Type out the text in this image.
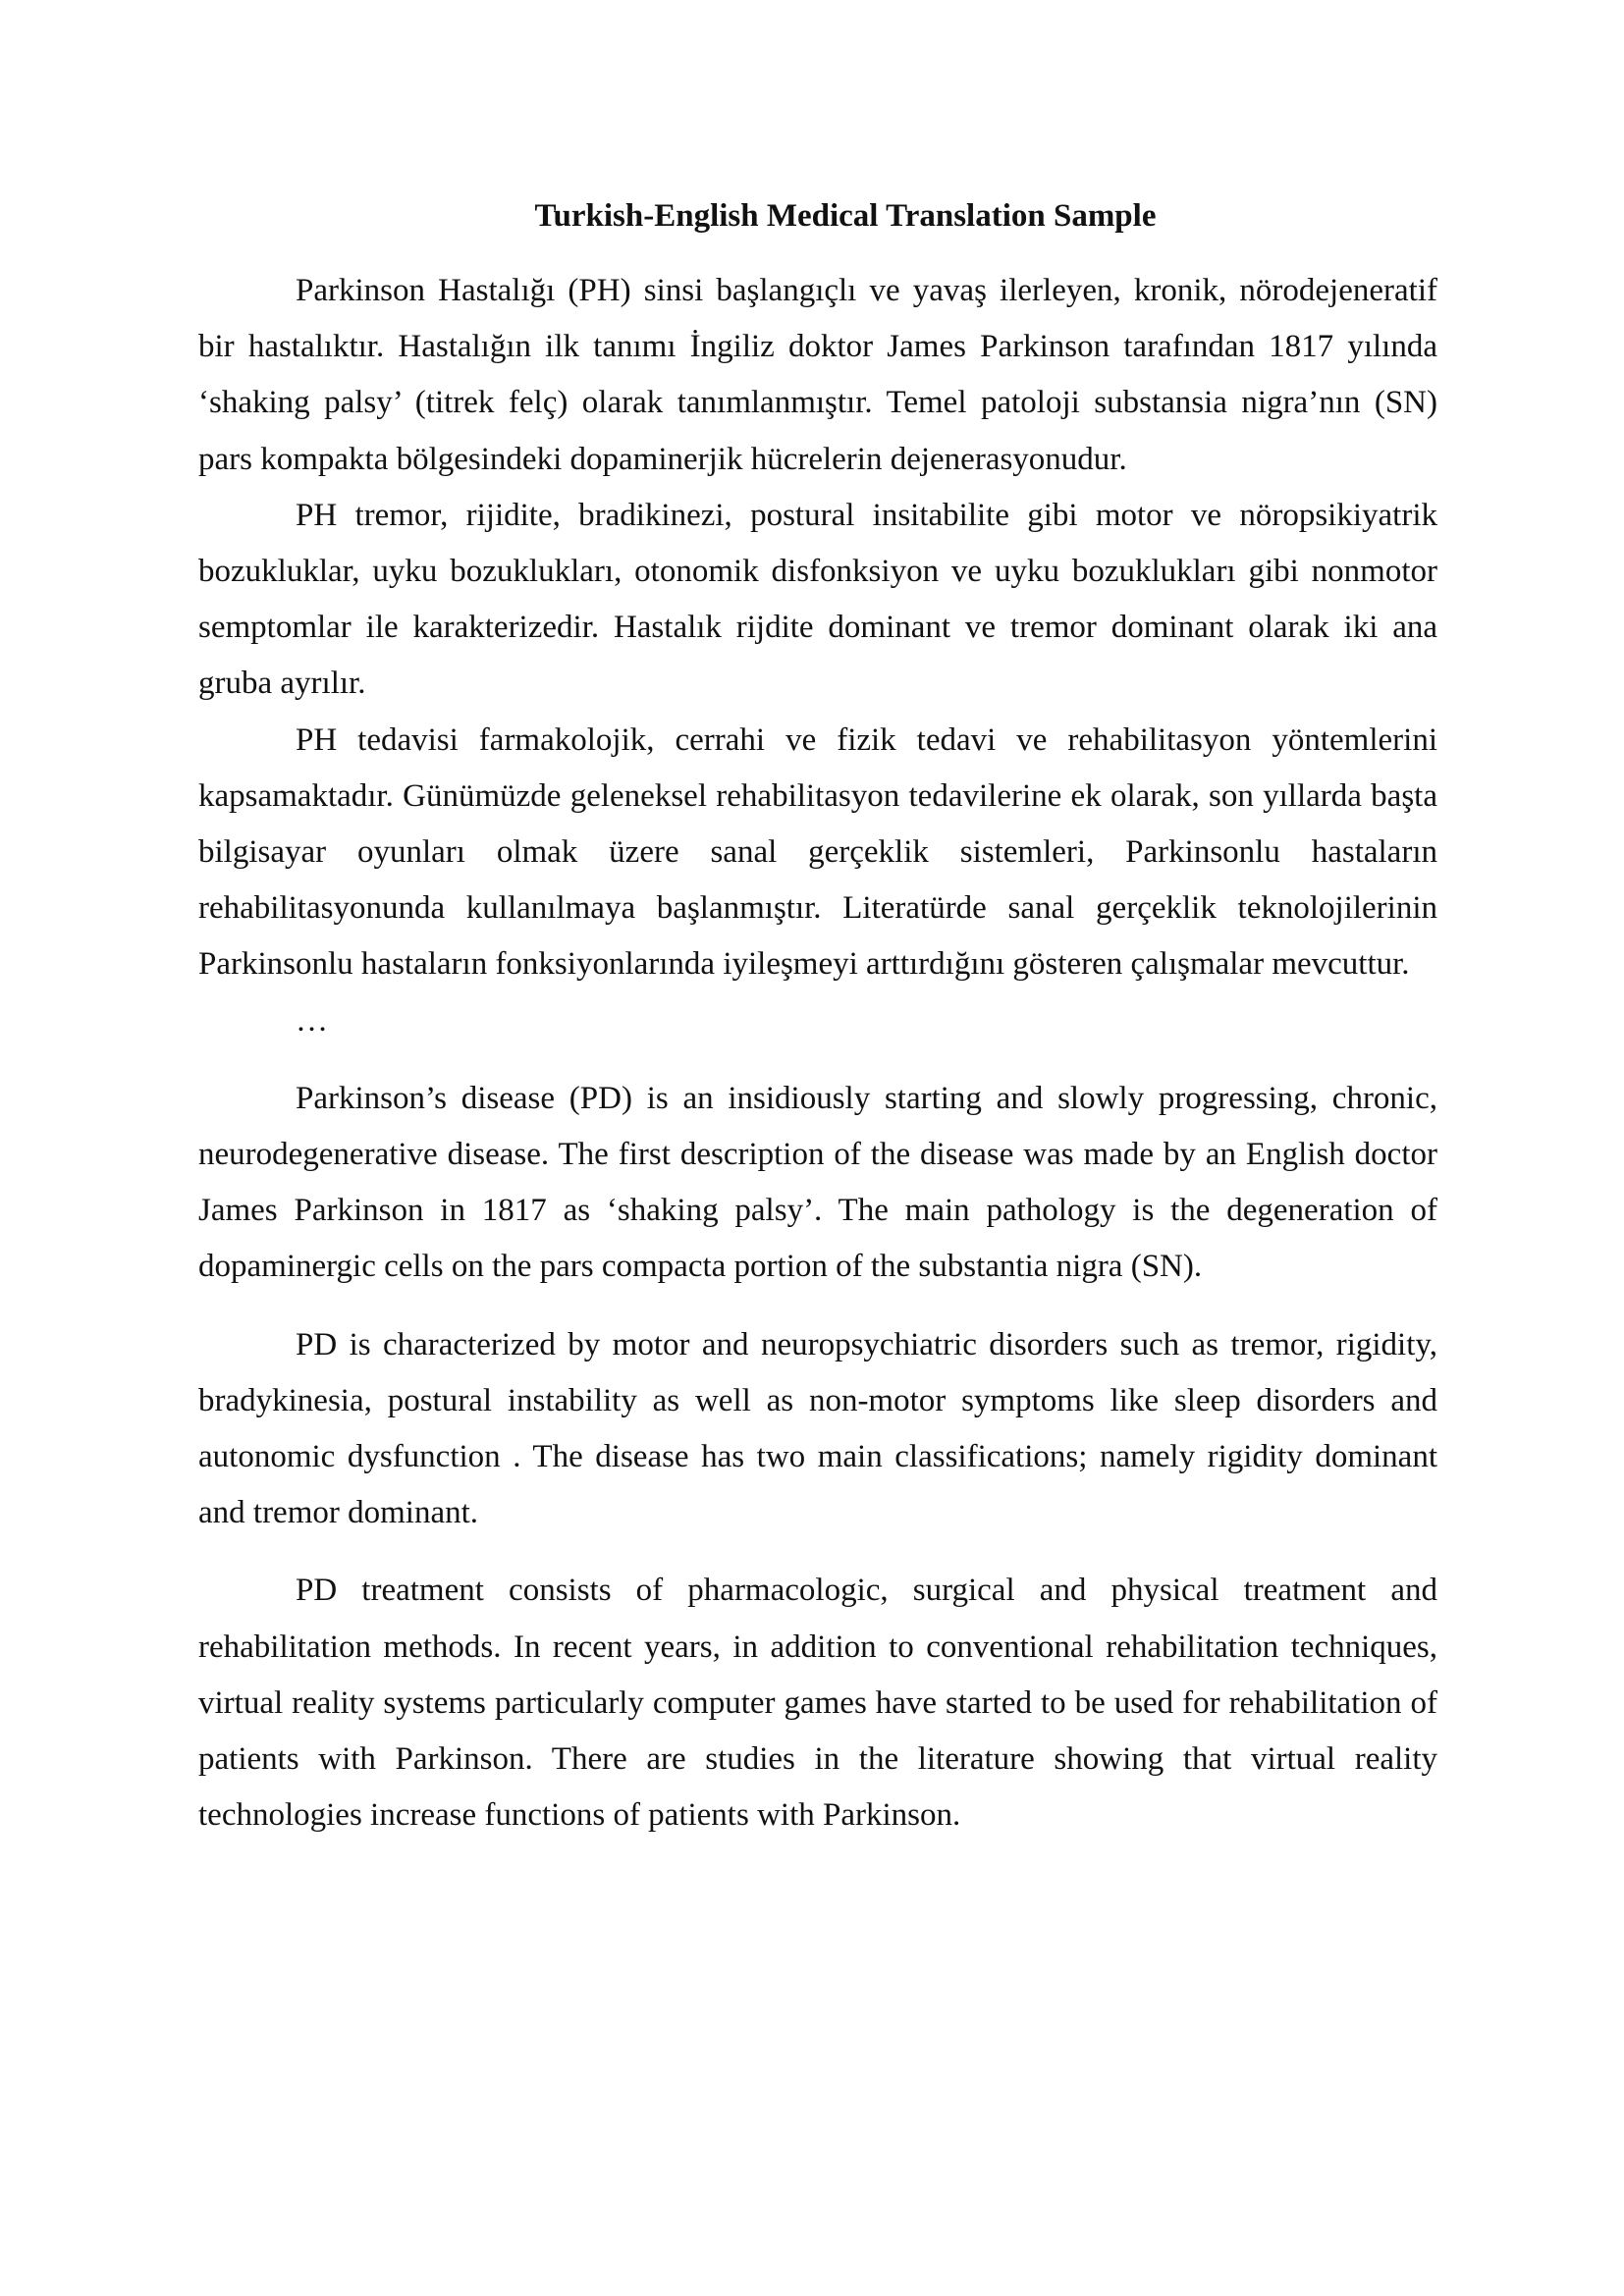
Turkish-English Medical Translation Sample

Parkinson Hastalığı (PH) sinsi başlangıçlı ve yavaş ilerleyen, kronik, nörodejeneratif bir hastalıktır. Hastalığın ilk tanımı İngiliz doktor James Parkinson tarafından 1817 yılında ‘shaking palsy’ (titrek felç) olarak tanımlanmıştır. Temel patoloji substansia nigra’nın (SN) pars kompakta bölgesindeki dopaminerjik hücrelerin dejenerasyonudur.

PH tremor, rijidite, bradikinezi, postural insitabilite gibi motor ve nöropsikiyatrik bozukluklar, uyku bozuklukları, otonomik disfonksiyon ve uyku bozuklukları gibi nonmotor semptomlar ile karakterizedir. Hastalık rijdite dominant ve tremor dominant olarak iki ana gruba ayrılır.

PH tedavisi farmakolojik, cerrahi ve fizik tedavi ve rehabilitasyon yöntemlerini kapsamaktadır. Günümüzde geleneksel rehabilitasyon tedavilerine ek olarak, son yıllarda başta bilgisayar oyunları olmak üzere sanal gerçeklik sistemleri, Parkinsonlu hastaların rehabilitasyonunda kullanılmaya başlanmıştır. Literatürde sanal gerçeklik teknolojilerinin Parkinsonlu hastaların fonksiyonlarında iyileşmeyi arttırdığını gösteren çalışmalar mevcuttur.

…

Parkinson’s disease (PD) is an insidiously starting and slowly progressing, chronic, neurodegenerative disease. The first description of the disease was made by an English doctor James Parkinson in 1817 as ‘shaking palsy’. The main pathology is the degeneration of dopaminergic cells on the pars compacta portion of the substantia nigra (SN).

PD is characterized by motor and neuropsychiatric disorders such as tremor, rigidity, bradykinesia, postural instability as well as non-motor symptoms like sleep disorders and autonomic dysfunction . The disease has two main classifications; namely rigidity dominant and tremor dominant.

PD treatment consists of pharmacologic, surgical and physical treatment and rehabilitation methods. In recent years, in addition to conventional rehabilitation techniques, virtual reality systems particularly computer games have started to be used for rehabilitation of patients with Parkinson. There are studies in the literature showing that virtual reality technologies increase functions of patients with Parkinson.
